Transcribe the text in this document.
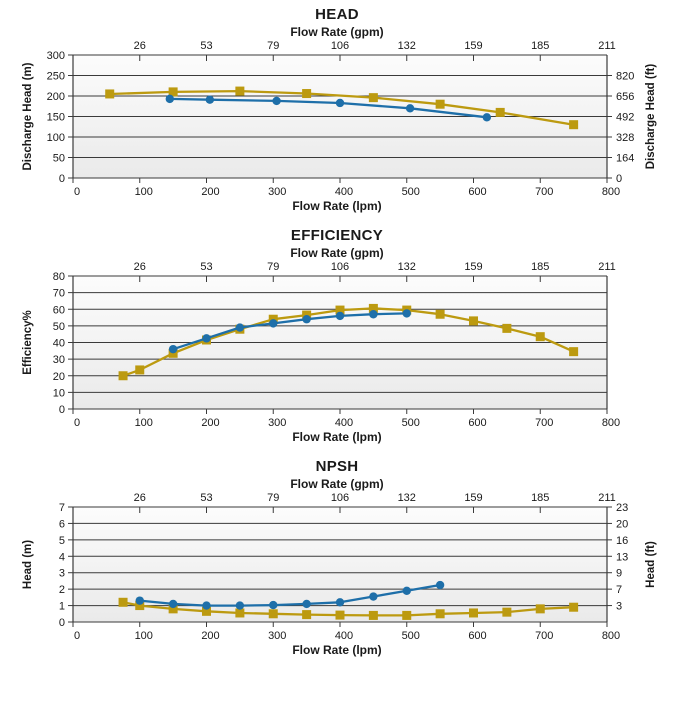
HEAD
Flow Rate (gpm)
0
50
100
150
200
250
300
0
164
328
492
656
820 Discharge Head (ft)
26	53	79	106	132	159	185	211
0	100	200	300	400	500	600	700	800
Discharge Head (m)
Flow Rate (lpm)
EFFICIENCY
Flow Rate (gpm)
0
10
20
30
40
50
60
70
80
26	53	79	106	132	159	185	211
0	100	200	300	400	500	600	700	800
Efficiency%
Flow Rate (lpm)
NPSH
Flow Rate (gpm)
0
1
2
3
4
5
6
7
3
7
9
13
16
20
23
Head (ft)
26	53	79	106	132	159	185	211
0	100	200	300	400	500	600	700	800
Head (m)
Flow Rate (lpm)
